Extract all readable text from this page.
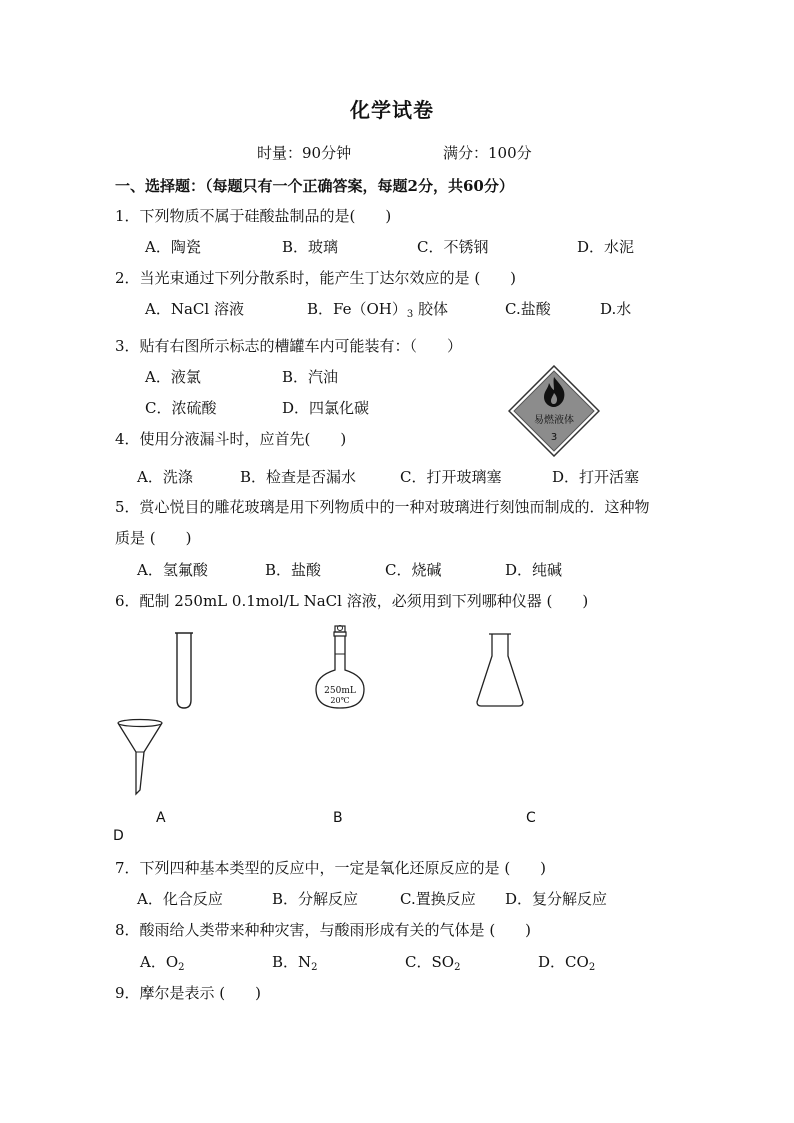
化学试卷
时量：90分钟	满分：100分
一、选择题：（每题只有一个正确答案，每题2分，共60分）
1．下列物质不属于硅酸盐制品的是(　　)
A．陶瓷	B．玻璃	C．不锈钢	D．水泥
2．当光束通过下列分散系时，能产生丁达尔效应的是 (　　)
A．NaCl 溶液	B．$Fe(OH)_3$ 胶体	C.盐酸	D.水
3．贴有右图所示标志的槽罐车内可能装有：（　　）
A．液氯	B．汽油
C．浓硫酸	D．四氯化碳
易燃液体
3
4．使用分液漏斗时，应首先(　　)
A．洗涤	B．检查是否漏水	C．打开玻璃塞	D．打开活塞
5．赏心悦目的雕花玻璃是用下列物质中的一种对玻璃进行刻蚀而制成的．这种物
质是 (　　)
A．氢氟酸	B．盐酸	C．烧碱	D．纯碱
6．配制 250mL 0.1mol/L NaCl 溶液，必须用到下列哪种仪器 (　　)
250mL
20℃
A	B	C
D
7．下列四种基本类型的反应中，一定是氧化还原反应的是 (　　)
A．化合反应	B．分解反应	C.置换反应 D．复分解反应
8．酸雨给人类带来种种灾害，与酸雨形成有关的气体是 (　　)
A．$O_2$	B．$N_2$	C．$SO_2$	D．$CO_2$
9．摩尔是表示 (　　)
